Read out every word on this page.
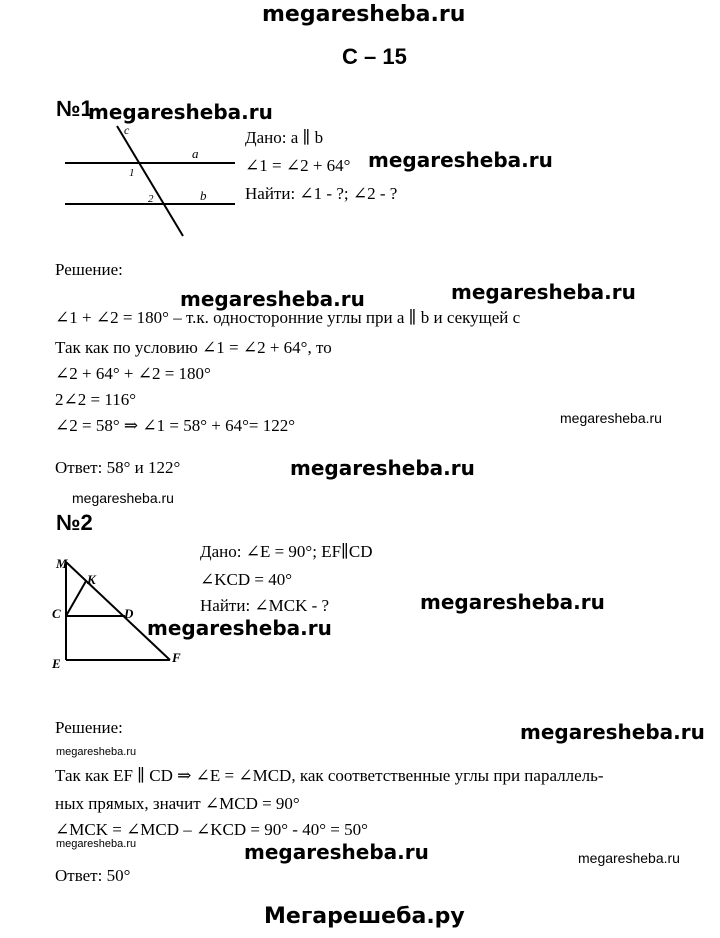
megaresheba.ru
С – 15
№1
megaresheba.ru
c
a
b
1
2
Дано: a ∥ b
∠1 = ∠2 + 64° megaresheba.ru
Найти: ∠1 - ?; ∠2 - ?
Решение:
megaresheba.ru	megaresheba.ru
∠1 + ∠2 = 180° – т.к. односторонние углы при a ∥ b и секущей c
Так как по условию ∠1 = ∠2 + 64°, то
∠2 + 64° + ∠2 = 180°
2∠2 = 116°
megaresheba.ru
∠2 = 58° ⇒ ∠1 = 58° + 64°= 122°
Ответ: 58° и 122°	megaresheba.ru
megaresheba.ru
№2
M
K
C	D
E	F
Дано: ∠E = 90°; EF∥CD
∠KCD = 40°
Найти: ∠MCK - ?	megaresheba.ru
megaresheba.ru
Решение:	megaresheba.ru
megaresheba.ru
Так как EF ∥ CD ⇒ ∠E = ∠MCD, как соответственные углы при параллель-
ных прямых, значит ∠MCD = 90°
∠MCK = ∠MCD – ∠KCD = 90° - 40° = 50°
megaresheba.ru	megaresheba.ru	megaresheba.ru
Ответ: 50°
Мегарешеба.ру
